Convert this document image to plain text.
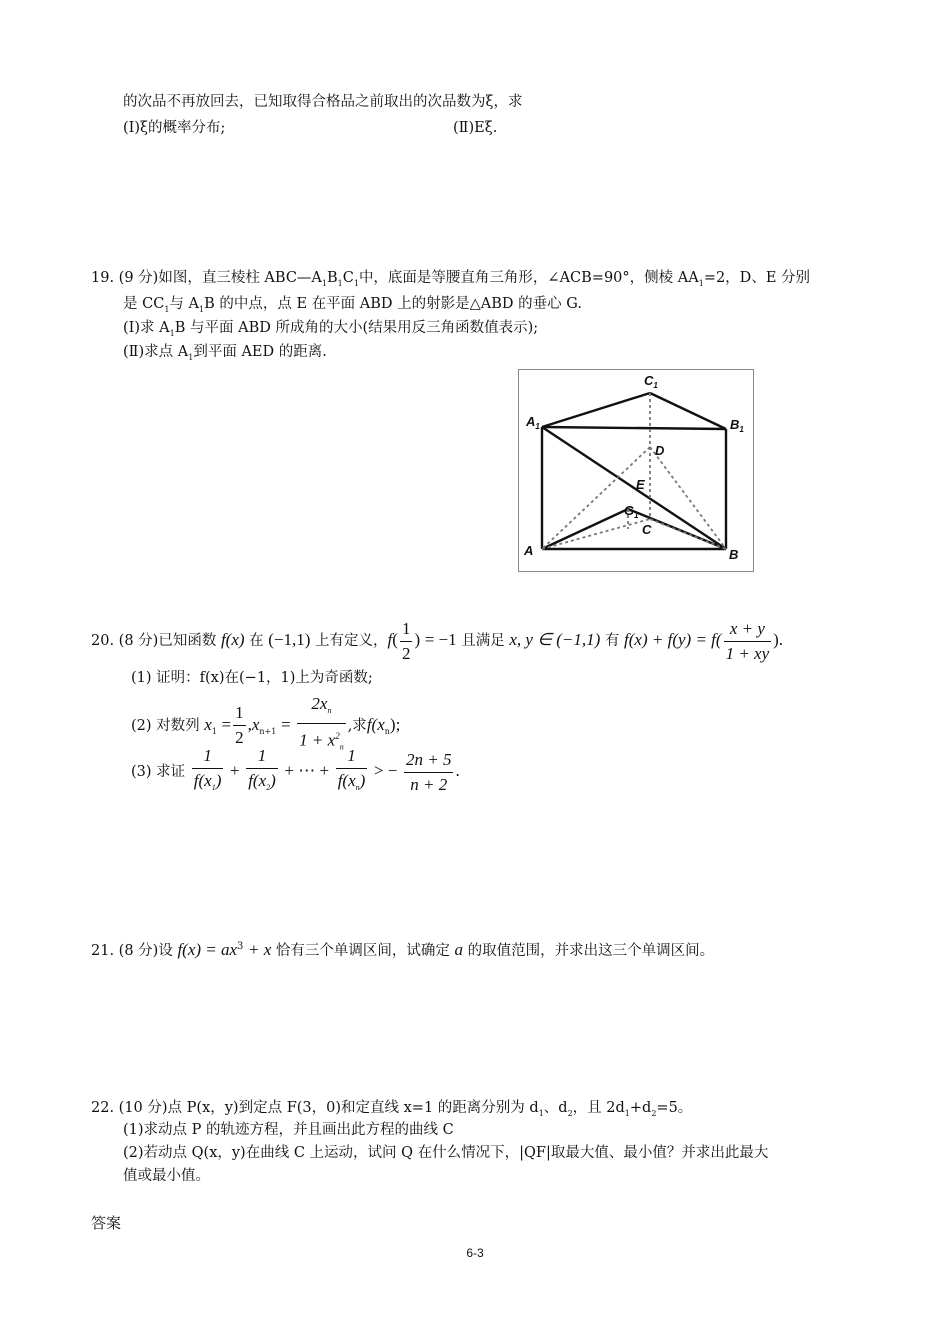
的次品不再放回去，已知取得合格品之前取出的次品数为ξ，求
(Ⅰ)ξ的概率分布;	(Ⅱ)Eξ.
19. (9 分)如图，直三棱柱 $ABC—A_1B_1C_1$中，底面是等腰直角三角形，∠ACB=90°，侧棱 $AA_1=2$，D、E 分别
是 $CC_1$与 $A_1B$ 的中点，点 E 在平面 ABD 上的射影是△ABD 的垂心 G.
(Ⅰ)求 $A_1B$ 与平面 ABD 所成角的大小(结果用反三角函数值表示);
(Ⅱ)求点 $A_1$到平面 AED 的距离.
$C_1$
$B_1$
$A_1$
D
E
$G_1$
C
A	B
20. (8 分)已知函数 f(x) 在 (−1,1) 上有定义，$f( \frac{1}{2}$ ) = −1 且满足 x, y ∈ (−1,1) 有 $f(x) + f(y) = f( \frac{x + y}{1 + xy}$ ).
(1) 证明：f(x)在(−1，1)上为奇函数;
(2) 对数列 $x_1 = \frac{1}{2} ,x_{n+1} = \frac{2x_n}{1 + x^2_n}$ ,求$f(x_n)$;
(3) 求证 $\frac{1}{f(x_1)} + \frac{1}{f(x_2)}$ + ⋯ + $\frac{1}{f(x_n)}$ > − $\frac{2n + 5}{n + 2}$ .
21. (8 分)设 $f(x) = ax^3 + x$ 恰有三个单调区间，试确定 a 的取值范围，并求出这三个单调区间。
22. (10 分)点 P(x，y)到定点 F(3，0)和定直线 x=1 的距离分别为 $d_1$、$d_2$，且 $2d_1+d_2=5$。
(1)求动点 P 的轨迹方程，并且画出此方程的曲线 C
(2)若动点 Q(x，y)在曲线 C 上运动，试问 Q 在什么情况下，|QF|取最大值、最小值？并求出此最大
值或最小值。
答案
6-3
